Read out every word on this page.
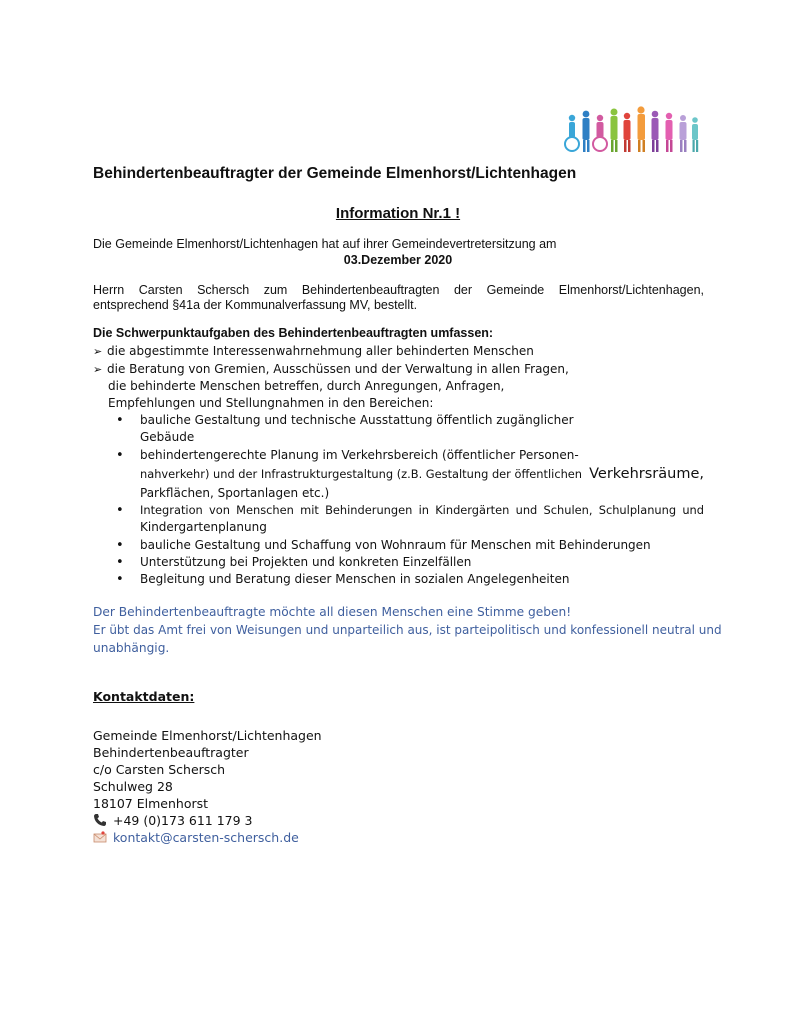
Behindertenbeauftragter der Gemeinde Elmenhorst/Lichtenhagen
Information Nr.1 !
Die Gemeinde Elmenhorst/Lichtenhagen hat auf ihrer Gemeindevertretersitzung am
03.Dezember 2020
Herrn Carsten Schersch zum Behindertenbeauftragten der Gemeinde Elmenhorst/Lichtenhagen,
entsprechend §41a der Kommunalverfassung MV, bestellt.
Die Schwerpunktaufgaben des Behindertenbeauftragten umfassen:
➢ die abgestimmte Interessenwahrnehmung aller behinderten Menschen
➢ die Beratung von Gremien, Ausschüssen und der Verwaltung in allen Fragen,
die behinderte Menschen betreffen, durch Anregungen, Anfragen,
Empfehlungen und Stellungnahmen in den Bereichen:
• bauliche Gestaltung und technische Ausstattung öffentlich zugänglicher
Gebäude
• behindertengerechte Planung im Verkehrsbereich (öffentlicher Personen-
nahverkehr) und der Infrastrukturgestaltung (z.B. Gestaltung der öffentlichen Verkehrsräume,
Parkflächen, Sportanlagen etc.)
• Integration von Menschen mit Behinderungen in Kindergärten und Schulen, Schulplanung und
Kindergartenplanung
• bauliche Gestaltung und Schaffung von Wohnraum für Menschen mit Behinderungen
• Unterstützung bei Projekten und konkreten Einzelfällen
• Begleitung und Beratung dieser Menschen in sozialen Angelegenheiten
Der Behindertenbeauftragte möchte all diesen Menschen eine Stimme geben!
Er übt das Amt frei von Weisungen und unparteilich aus, ist parteipolitisch und konfessionell neutral und
unabhängig.
Kontaktdaten:
Gemeinde Elmenhorst/Lichtenhagen
Behindertenbeauftragter
c/o Carsten Schersch
Schulweg 28
18107 Elmenhorst
+49 (0)173 611 179 3
kontakt@carsten-schersch.de
